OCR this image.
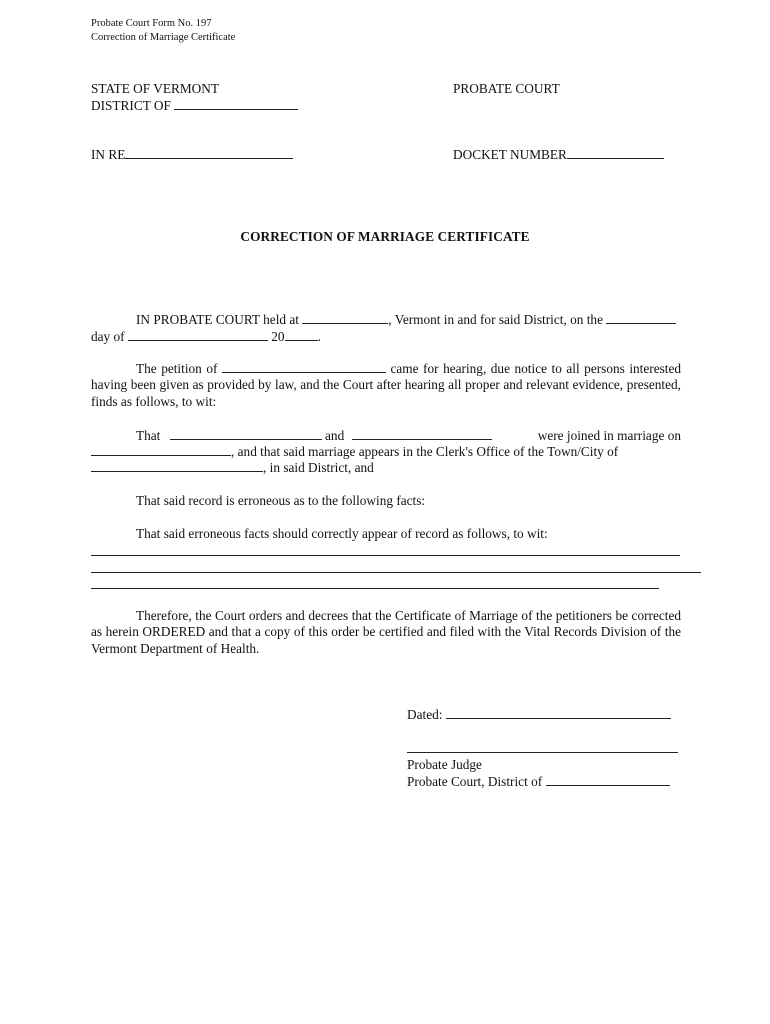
Probate Court Form No. 197
Correction of Marriage Certificate
STATE OF VERMONT	PROBATE COURT
DISTRICT OF
IN RE	DOCKET NUMBER
CORRECTION OF MARRIAGE CERTIFICATE
IN PROBATE COURT held at	, Vermont in and for said District, on the
day of	20 .

The petition of	came for hearing, due notice to all persons interested having been given as provided by law, and the Court after hearing all proper and relevant evidence, presented, finds as follows, to wit:

That	and	were joined in marriage on
, and that said marriage appears in the Clerk's Office of the Town/City of
, in said District, and
That said record is erroneous as to the following facts:
That said erroneous facts should correctly appear of record as follows, to wit:

Therefore, the Court orders and decrees that the Certificate of Marriage of the petitioners be corrected as herein ORDERED and that a copy of this order be certified and filed with the Vital Records Division of the Vermont Department of Health.

Dated:
Probate Judge
Probate Court, District of
